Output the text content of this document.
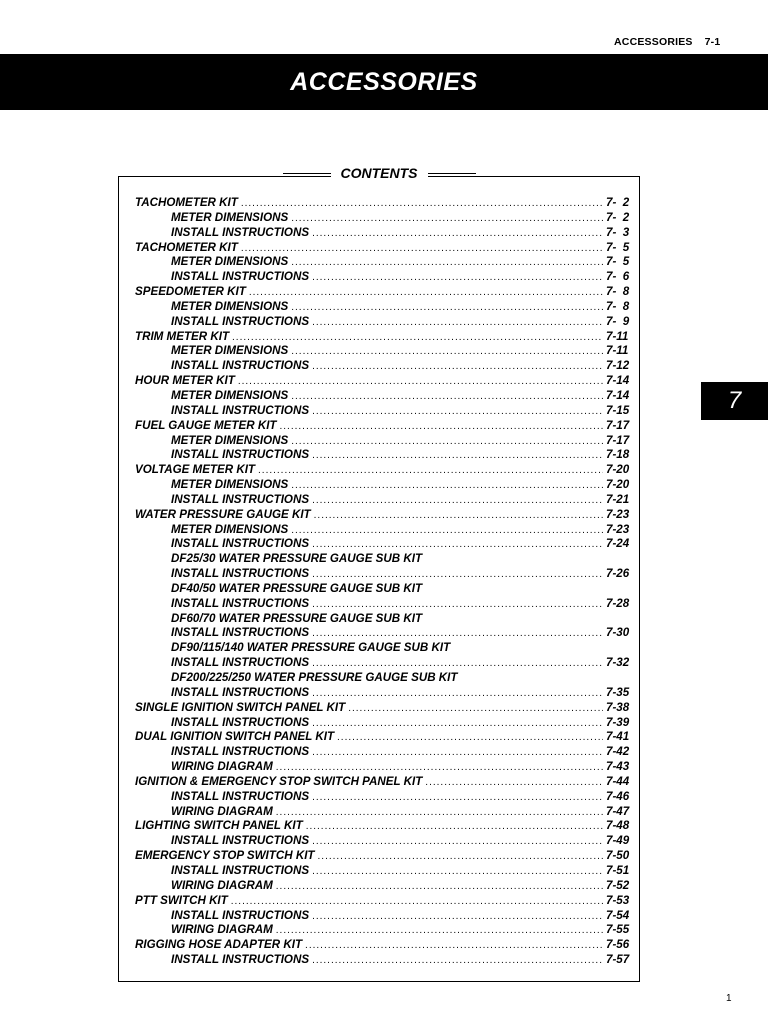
ACCESSORIES 7-1
ACCESSORIES
CONTENTS
TACHOMETER KIT .....	7-  2
METER DIMENSIONS .....	7-  2
INSTALL INSTRUCTIONS .....	7-  3
TACHOMETER KIT .....	7-  5
METER DIMENSIONS .....	7-  5
INSTALL INSTRUCTIONS .....	7-  6
SPEEDOMETER KIT .....	7-  8
METER DIMENSIONS .....	7-  8
INSTALL INSTRUCTIONS .....	7-  9
TRIM METER KIT .....	7-11
METER DIMENSIONS .....	7-11
INSTALL INSTRUCTIONS .....	7-12
HOUR METER KIT .....	7-14
METER DIMENSIONS .....	7-14
INSTALL INSTRUCTIONS .....	7-15
FUEL GAUGE METER KIT .....	7-17
METER DIMENSIONS .....	7-17
INSTALL INSTRUCTIONS .....	7-18
VOLTAGE METER KIT .....	7-20
METER DIMENSIONS .....	7-20
INSTALL INSTRUCTIONS .....	7-21
WATER PRESSURE GAUGE KIT .....	7-23
METER DIMENSIONS .....	7-23
INSTALL INSTRUCTIONS .....	7-24
DF25/30 WATER PRESSURE GAUGE SUB KIT
INSTALL INSTRUCTIONS .....	7-26
DF40/50 WATER PRESSURE GAUGE SUB KIT
INSTALL INSTRUCTIONS .....	7-28
DF60/70 WATER PRESSURE GAUGE SUB KIT
INSTALL INSTRUCTIONS .....	7-30
DF90/115/140 WATER PRESSURE GAUGE SUB KIT
INSTALL INSTRUCTIONS .....	7-32
DF200/225/250 WATER PRESSURE GAUGE SUB KIT
INSTALL INSTRUCTIONS .....	7-35
SINGLE IGNITION SWITCH PANEL KIT .....	7-38
INSTALL INSTRUCTIONS .....	7-39
DUAL IGNITION SWITCH PANEL KIT .....	7-41
INSTALL INSTRUCTIONS .....	7-42
WIRING DIAGRAM .....	7-43
IGNITION & EMERGENCY STOP SWITCH PANEL KIT .....	7-44
INSTALL INSTRUCTIONS .....	7-46
WIRING DIAGRAM .....	7-47
LIGHTING SWITCH PANEL KIT .....	7-48
INSTALL INSTRUCTIONS .....	7-49
EMERGENCY STOP SWITCH KIT .....	7-50
INSTALL INSTRUCTIONS .....	7-51
WIRING DIAGRAM .....	7-52
PTT SWITCH KIT .....	7-53
INSTALL INSTRUCTIONS .....	7-54
WIRING DIAGRAM .....	7-55
RIGGING HOSE ADAPTER KIT .....	7-56
INSTALL INSTRUCTIONS .....	7-57
7
1
